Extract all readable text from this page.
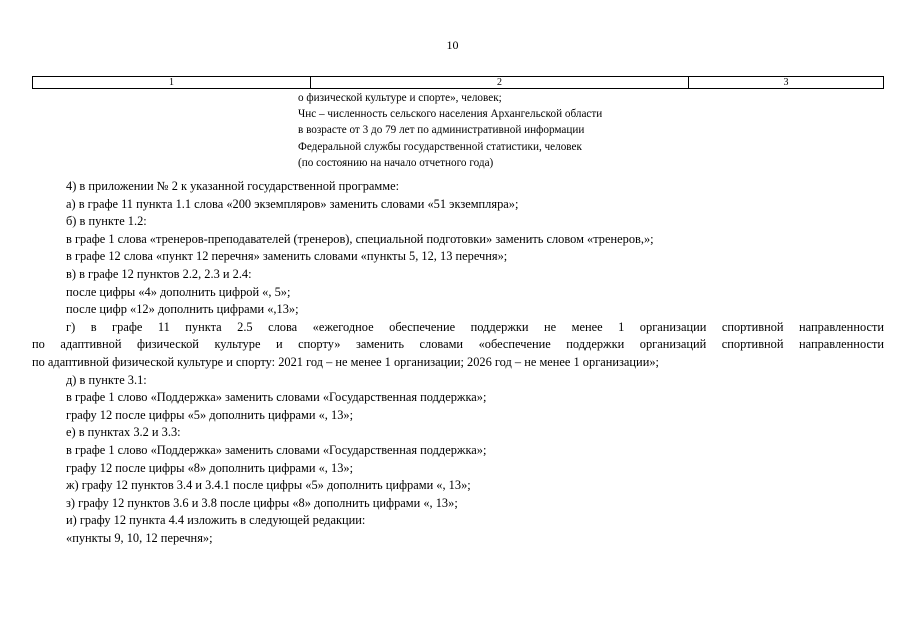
10
1	2	3
о физической культуре и спорте», человек;
Чнс – численность сельского населения Архангельской области
в возрасте от 3 до 79 лет по административной информации
Федеральной службы государственной статистики, человек
(по состоянию на начало отчетного года)
4) в приложении № 2 к указанной государственной программе:
а) в графе 11 пункта 1.1 слова «200 экземпляров» заменить словами «51 экземпляра»;
б) в пункте 1.2:
в графе 1 слова «тренеров-преподавателей (тренеров), специальной подготовки» заменить словом «тренеров,»;
в графе 12 слова «пункт 12 перечня» заменить словами «пункты 5, 12, 13 перечня»;
в) в графе 12 пунктов 2.2, 2.3 и 2.4:
после цифры «4» дополнить цифрой «, 5»;
после цифр «12» дополнить цифрами «,13»;
г) в графе 11 пункта 2.5 слова «ежегодное обеспечение поддержки не менее 1 организации спортивной направленности
по адаптивной физической культуре и спорту» заменить словами «обеспечение поддержки организаций спортивной направленности
по адаптивной физической культуре и спорту: 2021 год – не менее 1 организации; 2026 год – не менее 1 организации»;
д) в пункте 3.1:
в графе 1 слово «Поддержка» заменить словами «Государственная поддержка»;
графу 12 после цифры «5» дополнить цифрами «, 13»;
е) в пунктах 3.2 и 3.3:
в графе 1 слово «Поддержка» заменить словами «Государственная поддержка»;
графу 12 после цифры «8» дополнить цифрами «, 13»;
ж) графу 12 пунктов 3.4 и 3.4.1 после цифры «5» дополнить цифрами «, 13»;
з) графу 12 пунктов 3.6 и 3.8 после цифры «8» дополнить цифрами «, 13»;
и) графу 12 пункта 4.4 изложить в следующей редакции:
«пункты 9, 10, 12 перечня»;
